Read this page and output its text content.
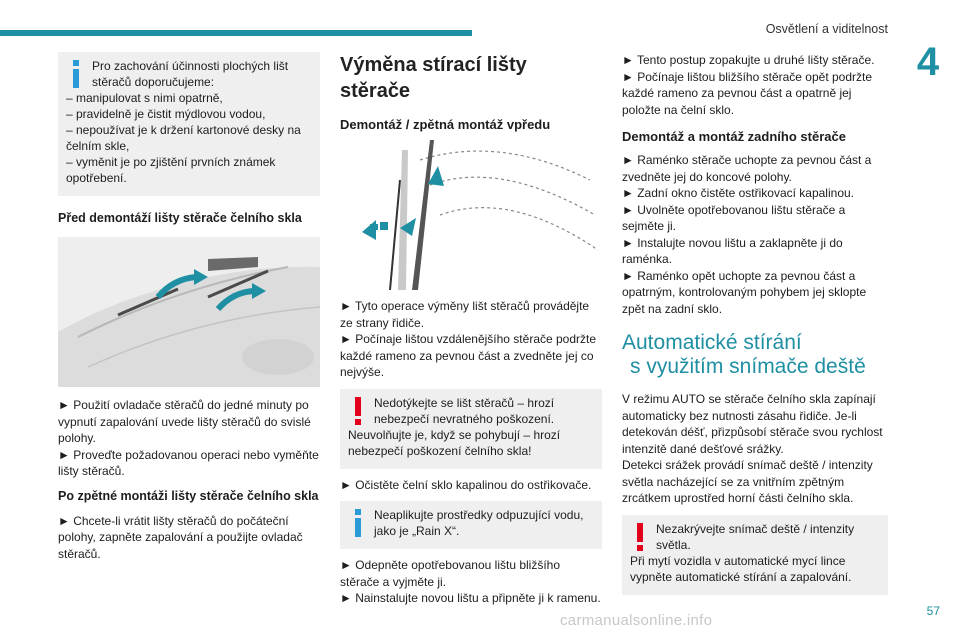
Osvětlení a viditelnost
4
Pro zachování účinnosti plochých lišt stěračů doporučujeme:
– manipulovat s nimi opatrně,
– pravidelně je čistit mýdlovou vodou,
– nepoužívat je k držení kartonové desky na čelním skle,
– vyměnit je po zjištění prvních známek opotřebení.
Před demontáží lišty stěrače čelního skla
► Použití ovladače stěračů do jedné minuty po vypnutí zapalování uvede lišty stěračů do svislé polohy.
► Proveďte požadovanou operaci nebo vyměňte lišty stěračů.
Po zpětné montáži lišty stěrače čelního skla
► Chcete-li vrátit lišty stěračů do počáteční polohy, zapněte zapalování a použijte ovladač stěračů.
Výměna stírací lišty stěrače
Demontáž / zpětná montáž vpředu
► Tyto operace výměny lišt stěračů provádějte ze strany řidiče.
► Počínaje lištou vzdálenějšího stěrače podržte každé rameno za pevnou část a zvedněte jej co nejvýše.
Nedotýkejte se lišt stěračů – hrozí nebezpečí nevratného poškození.
Neuvolňujte je, když se pohybují – hrozí nebezpečí poškození čelního skla!
► Očistěte čelní sklo kapalinou do ostřikovače.
Neaplikujte prostředky odpuzující vodu, jako je „Rain X“.
► Odepněte opotřebovanou lištu bližšího stěrače a vyjměte ji.
► Nainstalujte novou lištu a připněte ji k ramenu.
► Tento postup zopakujte u druhé lišty stěrače.
► Počínaje lištou bližšího stěrače opět podržte každé rameno za pevnou část a opatrně jej položte na čelní sklo.
Demontáž a montáž zadního stěrače
► Raménko stěrače uchopte za pevnou část a zvedněte jej do koncové polohy.
► Zadní okno čistěte ostřikovací kapalinou.
► Uvolněte opotřebovanou lištu stěrače a sejměte ji.
► Instalujte novou lištu a zaklapněte ji do raménka.
► Raménko opět uchopte za pevnou část a opatrným, kontrolovaným pohybem jej sklopte zpět na zadní sklo.
Automatické stírání
s využitím snímače deště
V režimu AUTO se stěrače čelního skla zapínají automaticky bez nutnosti zásahu řidiče. Je-li detekován déšť, přizpůsobí stěrače svou rychlost intenzitě dané dešťové srážky.
Detekci srážek provádí snímač deště / intenzity světla nacházející se za vnitřním zpětným zrcátkem uprostřed horní části čelního skla.
Nezakrývejte snímač deště / intenzity světla.
Při mytí vozidla v automatické mycí lince vypněte automatické stírání a zapalování.
carmanualsonline.info
57
